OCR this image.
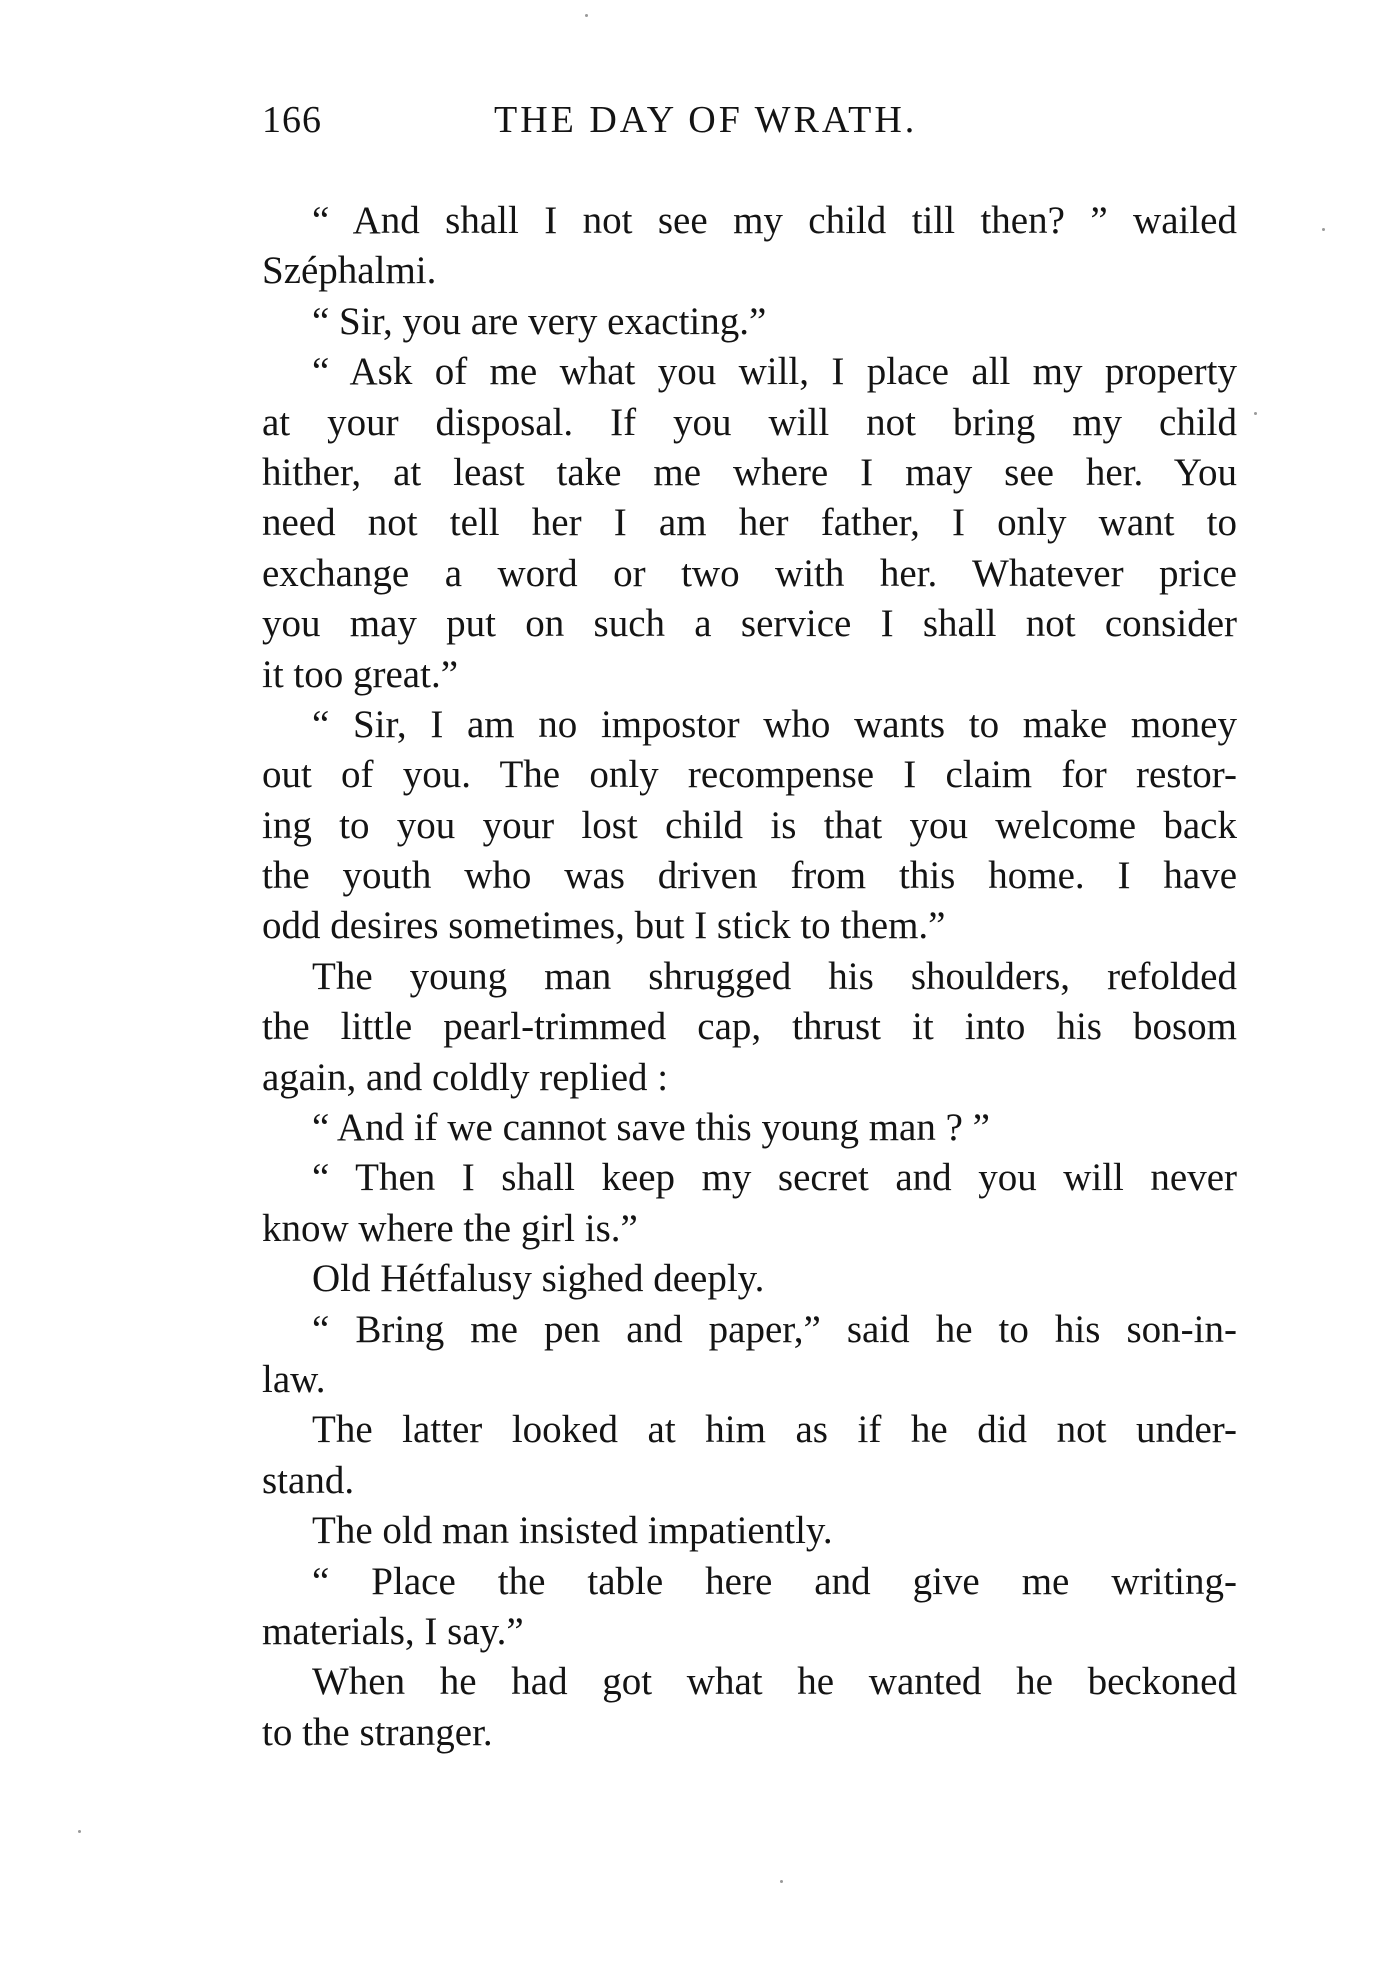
166	THE DAY OF WRATH.
“ And shall I not see my child till then? ” wailed
Széphalmi.
“ Sir, you are very exacting.”
“ Ask of me what you will, I place all my property
at your disposal. If you will not bring my child
hither, at least take me where I may see her. You
need not tell her I am her father, I only want to
exchange a word or two with her. Whatever price
you may put on such a service I shall not consider
it too great.”
“ Sir, I am no impostor who wants to make money
out of you. The only recompense I claim for restor-
ing to you your lost child is that you welcome back
the youth who was driven from this home. I have
odd desires sometimes, but I stick to them.”
The young man shrugged his shoulders, refolded
the little pearl-trimmed cap, thrust it into his bosom
again, and coldly replied :
“ And if we cannot save this young man ? ”
“ Then I shall keep my secret and you will never
know where the girl is.”
Old Hétfalusy sighed deeply.
“ Bring me pen and paper,” said he to his son-in-
law.
The latter looked at him as if he did not under-
stand.
The old man insisted impatiently.
“ Place the table here and give me writing-
materials, I say.”
When he had got what he wanted he beckoned
to the stranger.
